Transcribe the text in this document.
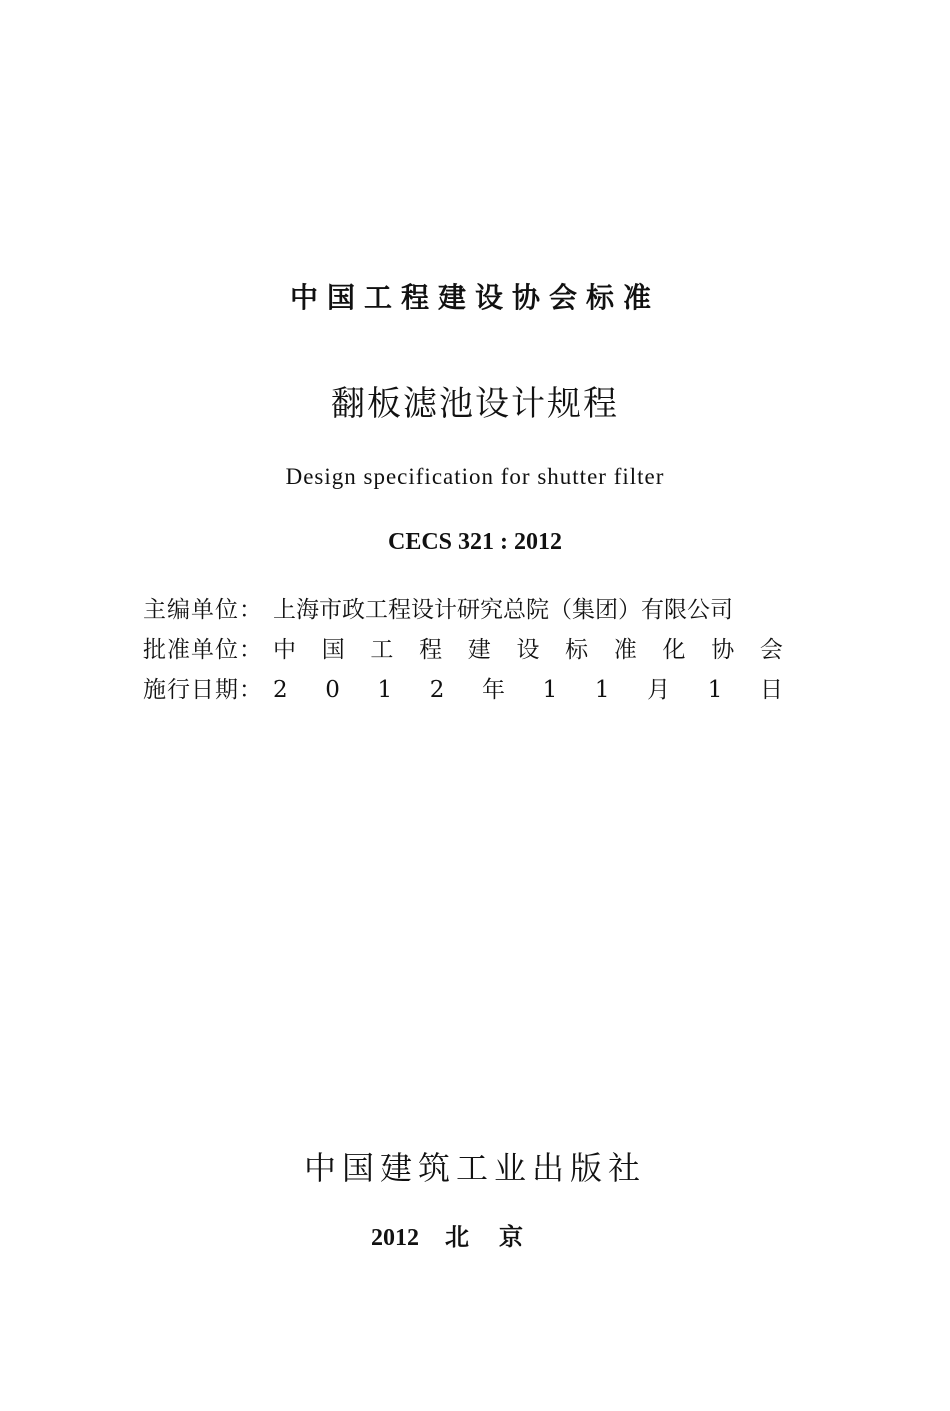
中国工程建设协会标准
翻板滤池设计规程
Design specification for shutter filter
CECS 321 : 2012
主编单位： 上海市政工程设计研究总院（集团）有限公司
批准单位： 中 国 工 程 建 设 标 准 化 协 会
施行日期： 2 0 1 2 年 1 1 月 1 日
中国建筑工业出版社
2012 北京
